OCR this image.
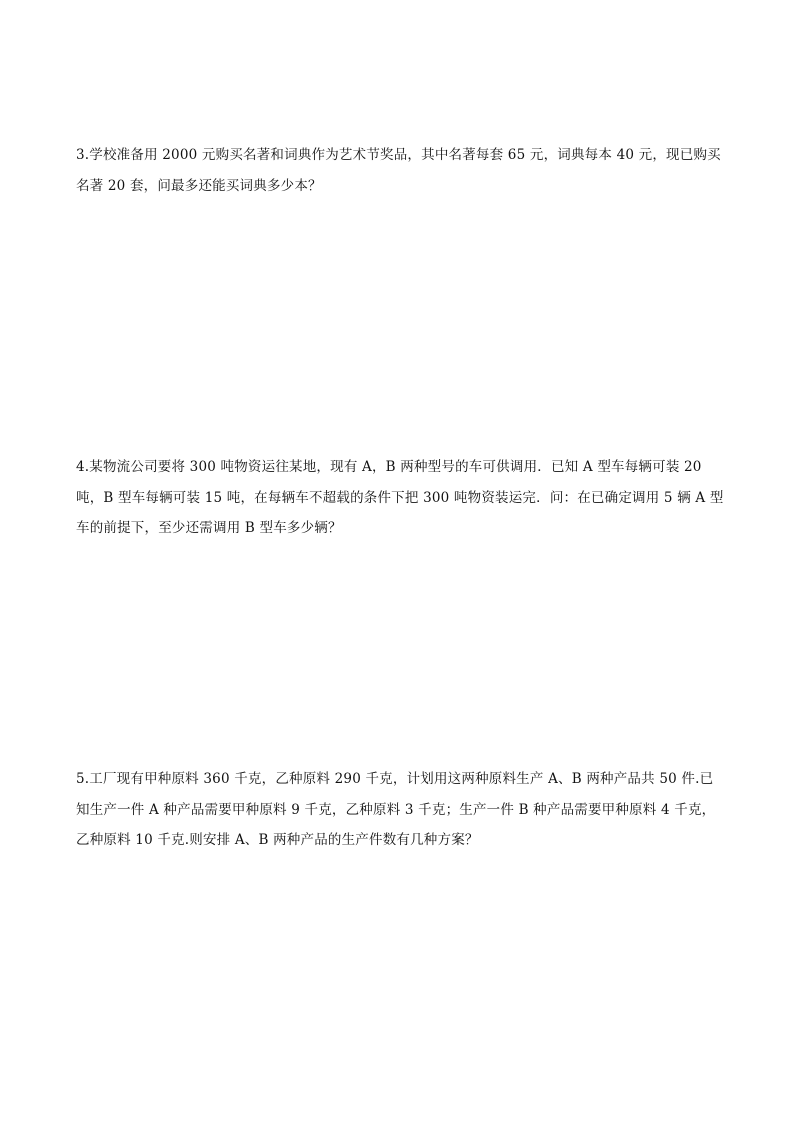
3.学校准备用 2000 元购买名著和词典作为艺术节奖品，其中名著每套 65 元，词典每本 40 元，现已购买名著 20 套，问最多还能买词典多少本？

4.某物流公司要将 300 吨物资运往某地，现有 A，B 两种型号的车可供调用．已知 A 型车每辆可装 20 吨，B 型车每辆可装 15 吨，在每辆车不超载的条件下把 300 吨物资装运完．问：在已确定调用 5 辆 A 型车的前提下，至少还需调用 B 型车多少辆？

5.工厂现有甲种原料 360 千克，乙种原料 290 千克，计划用这两种原料生产 A、B 两种产品共 50 件.已知生产一件 A 种产品需要甲种原料 9 千克，乙种原料 3 千克；生产一件 B 种产品需要甲种原料 4 千克，乙种原料 10 千克.则安排 A、B 两种产品的生产件数有几种方案？
